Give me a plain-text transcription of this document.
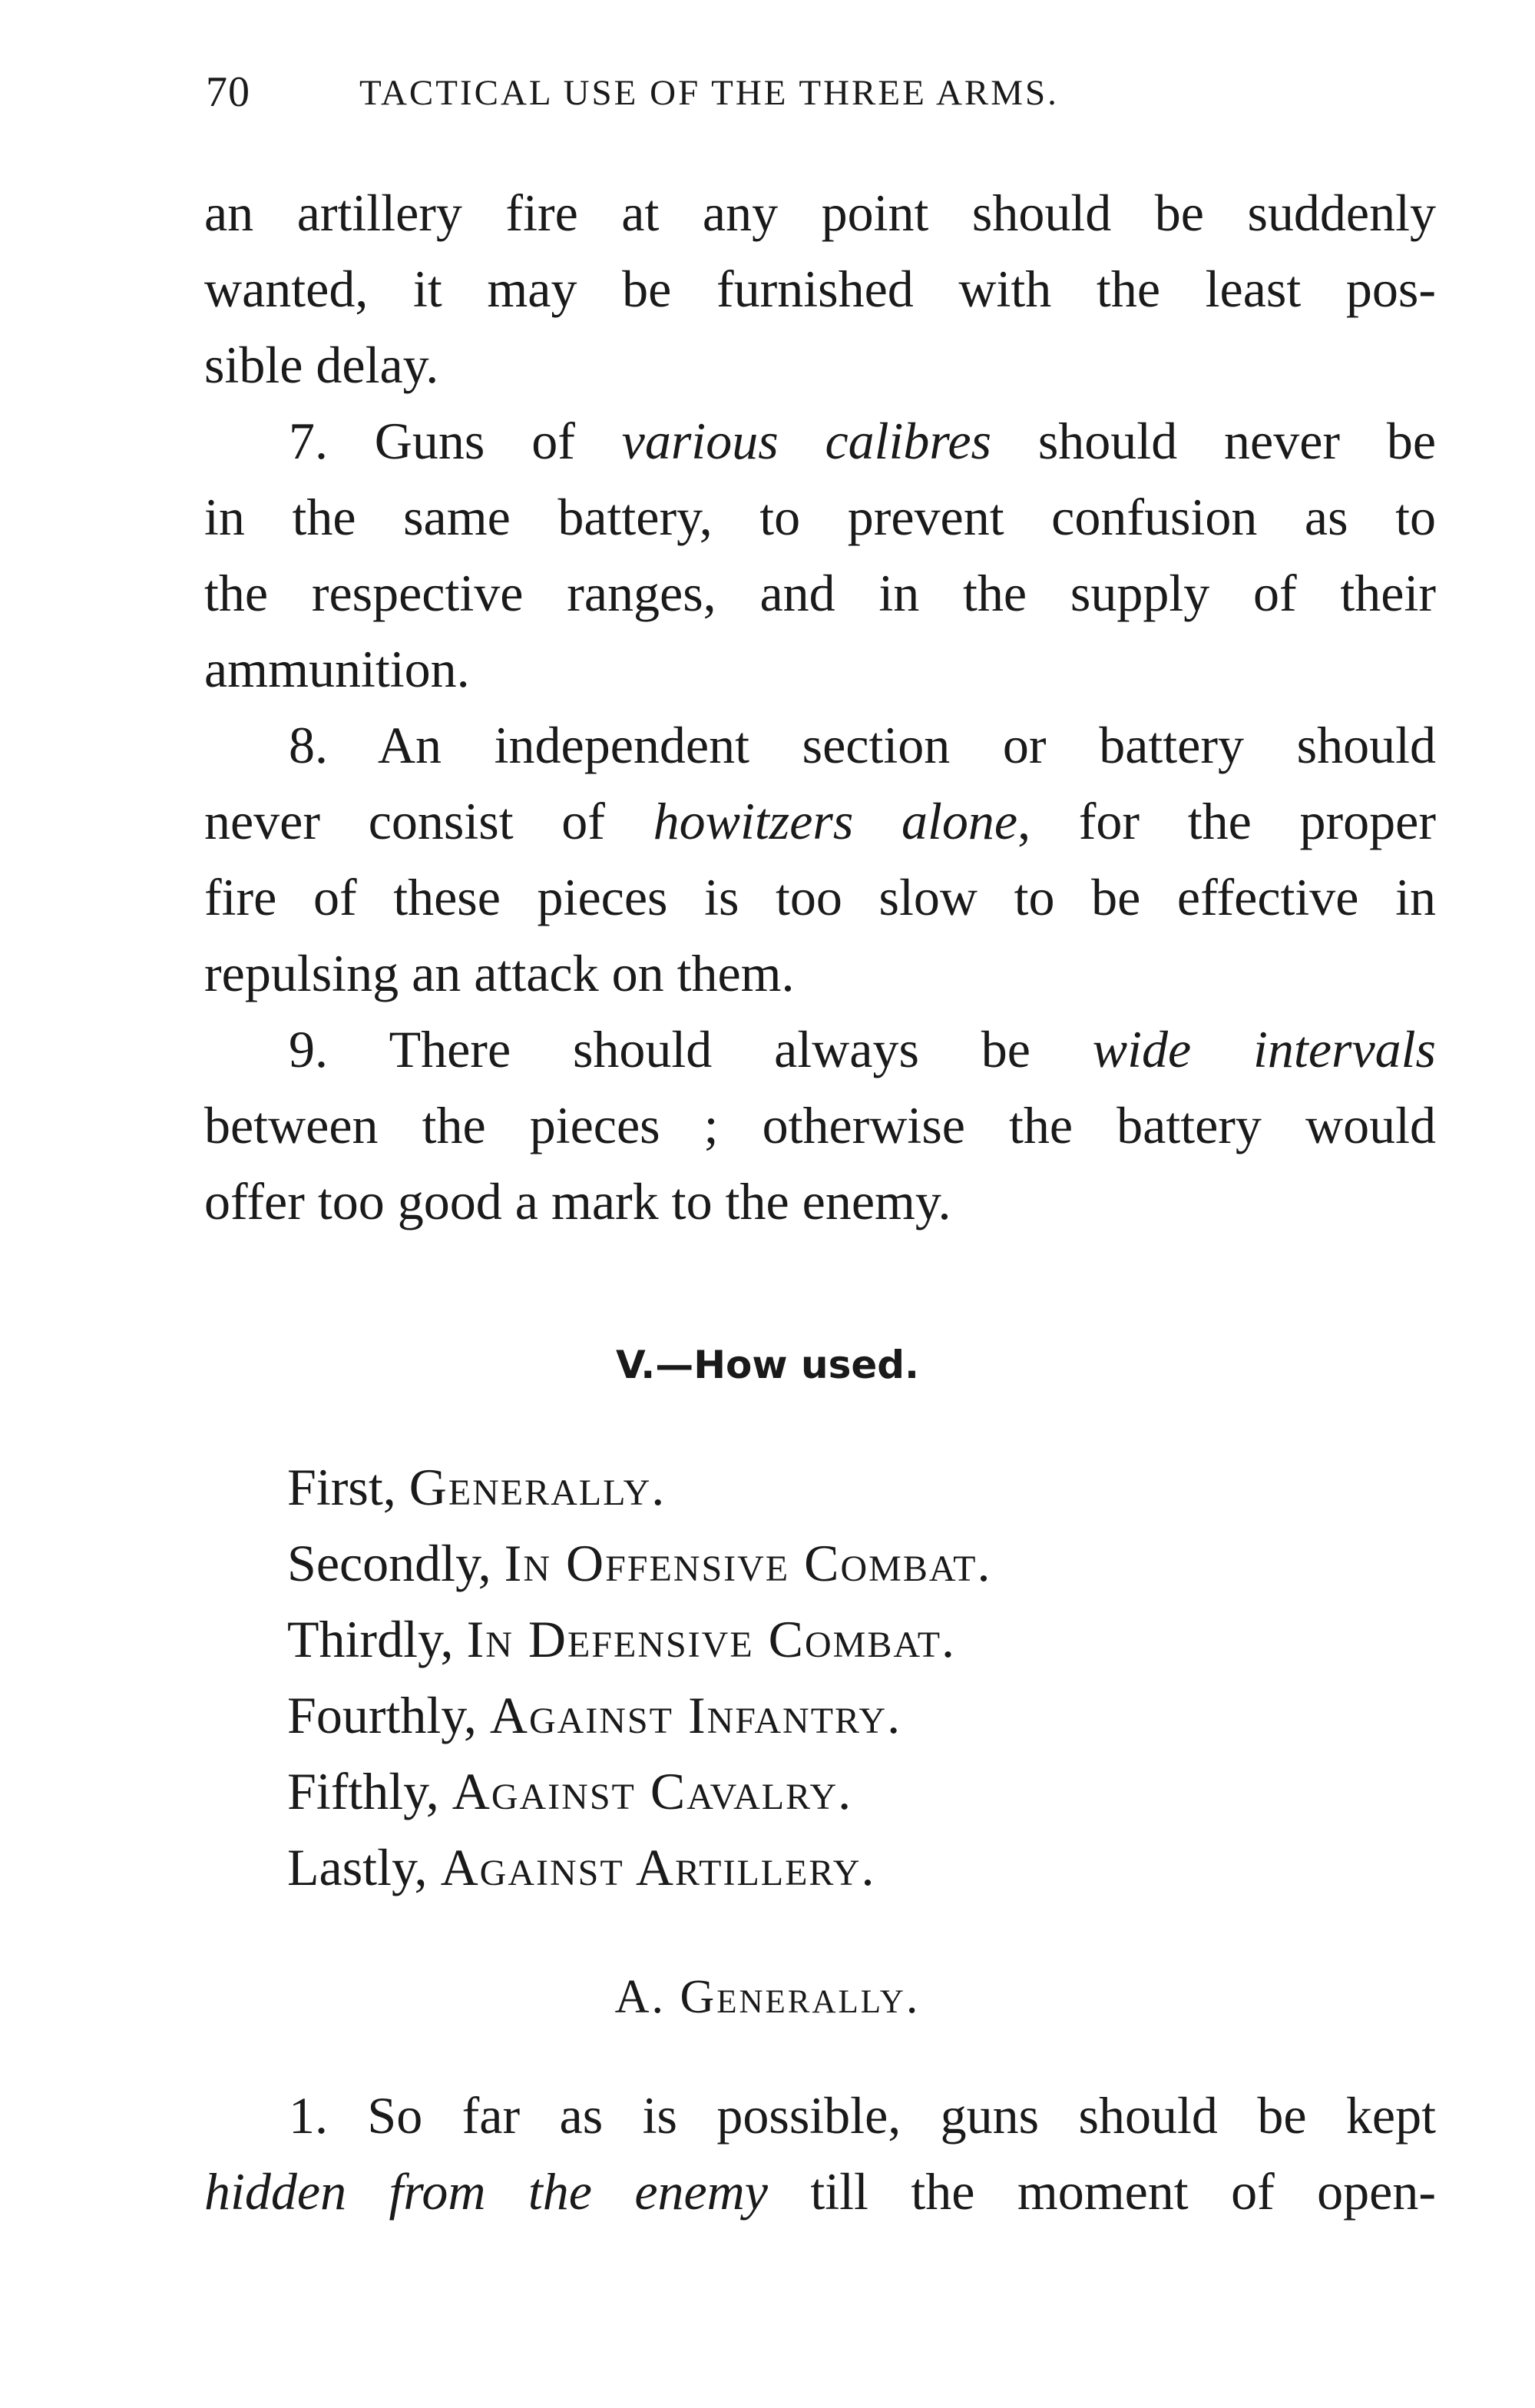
70	TACTICAL USE OF THE THREE ARMS.
an artillery fire at any point should be suddenly
wanted, it may be furnished with the least pos-
sible delay.
7. Guns of various calibres should never be
in the same battery, to prevent confusion as to
the respective ranges, and in the supply of their
ammunition.
8. An independent section or battery should
never consist of howitzers alone, for the proper
fire of these pieces is too slow to be effective in
repulsing an attack on them.
9. There should always be wide intervals
between the pieces ; otherwise the battery would
offer too good a mark to the enemy.
V.—How used.
First, Generally.
Secondly, In Offensive Combat.
Thirdly, In Defensive Combat.
Fourthly, Against Infantry.
Fifthly, Against Cavalry.
Lastly, Against Artillery.
A. Generally.
1. So far as is possible, guns should be kept
hidden from the enemy till the moment of open-
